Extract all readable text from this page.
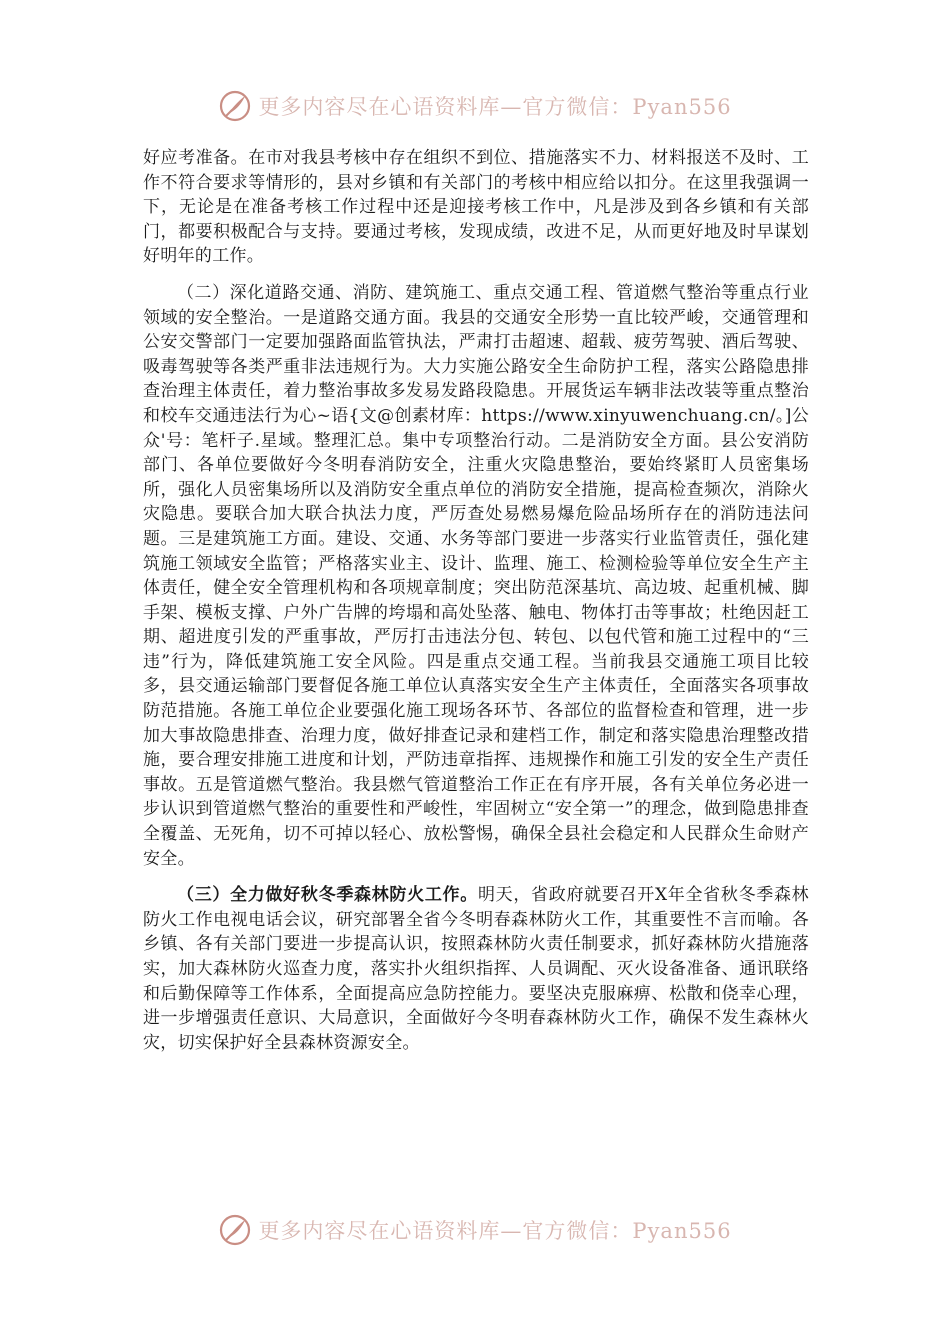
更多内容尽在心语资料库—官方微信：Pyan556

好应考准备。在市对我县考核中存在组织不到位、措施落实不力、材料报送不及时、工作不符合要求等情形的，县对乡镇和有关部门的考核中相应给以扣分。在这里我强调一下，无论是在准备考核工作过程中还是迎接考核工作中，凡是涉及到各乡镇和有关部门，都要积极配合与支持。要通过考核，发现成绩，改进不足，从而更好地及时早谋划好明年的工作。

（二）深化道路交通、消防、建筑施工、重点交通工程、管道燃气整治等重点行业领域的安全整治。一是道路交通方面。我县的交通安全形势一直比较严峻，交通管理和公安交警部门一定要加强路面监管执法，严肃打击超速、超载、疲劳驾驶、酒后驾驶、吸毒驾驶等各类严重非法违规行为。大力实施公路安全生命防护工程，落实公路隐患排查治理主体责任，着力整治事故多发易发路段隐患。开展货运车辆非法改装等重点整治和校车交通违法行为心~语{文@创素材库：https://www.xinyuwenchuang.cn/。]公众'号：笔杆子.星域。整理汇总。集中专项整治行动。二是消防安全方面。县公安消防部门、各单位要做好今冬明春消防安全，注重火灾隐患整治，要始终紧盯人员密集场所，强化人员密集场所以及消防安全重点单位的消防安全措施，提高检查频次，消除火灾隐患。要联合加大联合执法力度，严厉查处易燃易爆危险品场所存在的消防违法问题。三是建筑施工方面。建设、交通、水务等部门要进一步落实行业监管责任，强化建筑施工领域安全监管；严格落实业主、设计、监理、施工、检测检验等单位安全生产主体责任，健全安全管理机构和各项规章制度；突出防范深基坑、高边坡、起重机械、脚手架、模板支撑、户外广告牌的垮塌和高处坠落、触电、物体打击等事故；杜绝因赶工期、超进度引发的严重事故，严厉打击违法分包、转包、以包代管和施工过程中的“三违”行为，降低建筑施工安全风险。四是重点交通工程。当前我县交通施工项目比较多，县交通运输部门要督促各施工单位认真落实安全生产主体责任，全面落实各项事故防范措施。各施工单位企业要强化施工现场各环节、各部位的监督检查和管理，进一步加大事故隐患排查、治理力度，做好排查记录和建档工作，制定和落实隐患治理整改措施，要合理安排施工进度和计划，严防违章指挥、违规操作和施工引发的安全生产责任事故。五是管道燃气整治。我县燃气管道整治工作正在有序开展，各有关单位务必进一步认识到管道燃气整治的重要性和严峻性，牢固树立“安全第一”的理念，做到隐患排查全覆盖、无死角，切不可掉以轻心、放松警惕，确保全县社会稳定和人民群众生命财产安全。

（三）全力做好秋冬季森林防火工作。明天，省政府就要召开X年全省秋冬季森林防火工作电视电话会议，研究部署全省今冬明春森林防火工作，其重要性不言而喻。各乡镇、各有关部门要进一步提高认识，按照森林防火责任制要求，抓好森林防火措施落实，加大森林防火巡查力度，落实扑火组织指挥、人员调配、灭火设备准备、通讯联络和后勤保障等工作体系，全面提高应急防控能力。要坚决克服麻痹、松散和侥幸心理，进一步增强责任意识、大局意识，全面做好今冬明春森林防火工作，确保不发生森林火灾，切实保护好全县森林资源安全。

更多内容尽在心语资料库—官方微信：Pyan556
